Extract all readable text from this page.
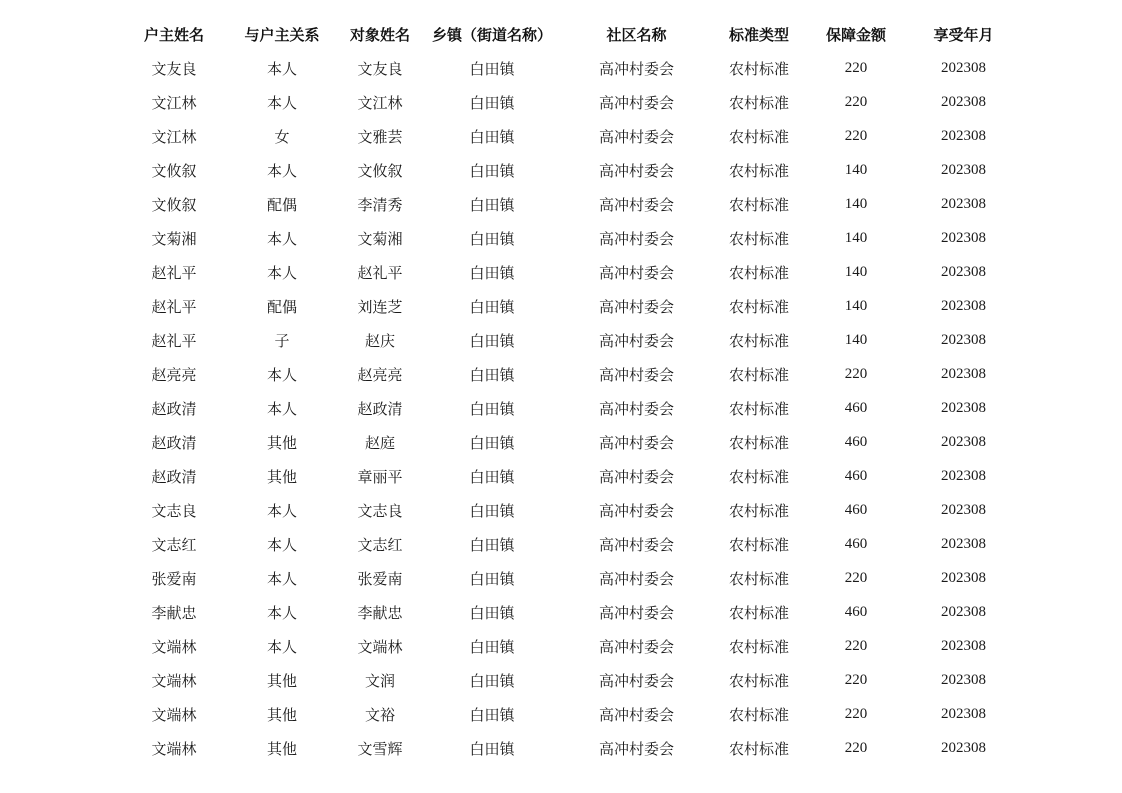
户主姓名	与户主关系	对象姓名	乡镇（街道名称）	社区名称	标准类型	保障金额	享受年月
文友良	本人	文友良	白田镇	高冲村委会	农村标准	220	202308
文江林	本人	文江林	白田镇	高冲村委会	农村标准	220	202308
文江林	女	文雅芸	白田镇	高冲村委会	农村标准	220	202308
文攸叙	本人	文攸叙	白田镇	高冲村委会	农村标准	140	202308
文攸叙	配偶	李清秀	白田镇	高冲村委会	农村标准	140	202308
文菊湘	本人	文菊湘	白田镇	高冲村委会	农村标准	140	202308
赵礼平	本人	赵礼平	白田镇	高冲村委会	农村标准	140	202308
赵礼平	配偶	刘连芝	白田镇	高冲村委会	农村标准	140	202308
赵礼平	子	赵庆	白田镇	高冲村委会	农村标准	140	202308
赵亮亮	本人	赵亮亮	白田镇	高冲村委会	农村标准	220	202308
赵政清	本人	赵政清	白田镇	高冲村委会	农村标准	460	202308
赵政清	其他	赵庭	白田镇	高冲村委会	农村标准	460	202308
赵政清	其他	章丽平	白田镇	高冲村委会	农村标准	460	202308
文志良	本人	文志良	白田镇	高冲村委会	农村标准	460	202308
文志红	本人	文志红	白田镇	高冲村委会	农村标准	460	202308
张爱南	本人	张爱南	白田镇	高冲村委会	农村标准	220	202308
李献忠	本人	李献忠	白田镇	高冲村委会	农村标准	460	202308
文端林	本人	文端林	白田镇	高冲村委会	农村标准	220	202308
文端林	其他	文润	白田镇	高冲村委会	农村标准	220	202308
文端林	其他	文裕	白田镇	高冲村委会	农村标准	220	202308
文端林	其他	文雪辉	白田镇	高冲村委会	农村标准	220	202308
